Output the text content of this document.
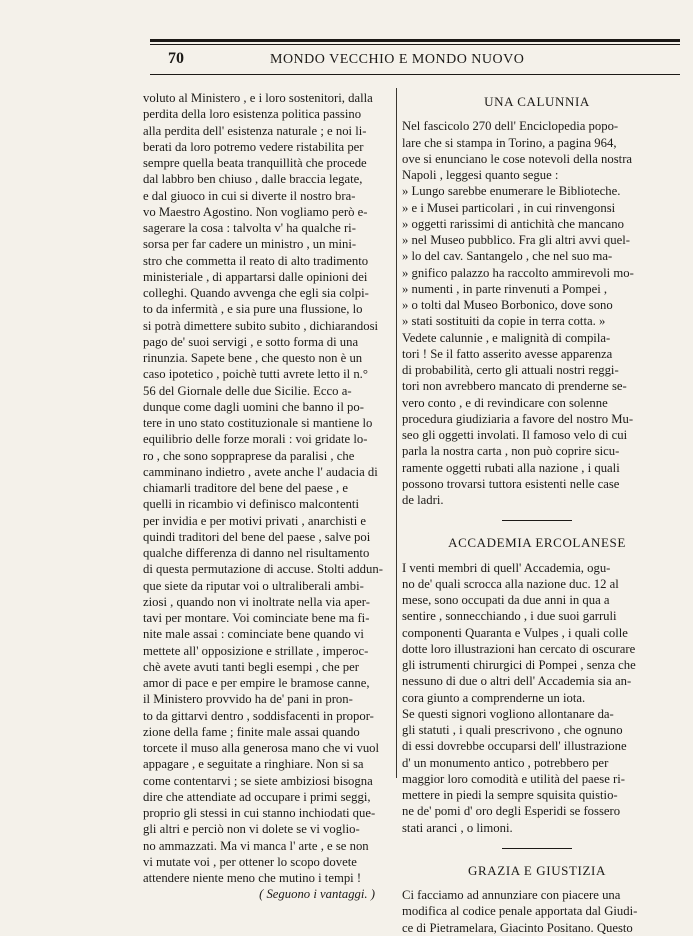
70	MONDO VECCHIO E MONDO NUOVO

voluto al Ministero , e i loro sostenitori, dalla

perdita della loro esistenza politica passino

alla perdita dell' esistenza naturale ; e noi li-

berati da loro potremo vedere ristabilita per

sempre quella beata tranquillità che procede

dal labbro ben chiuso , dalle braccia legate,

e dal giuoco in cui si diverte il nostro bra-

vo Maestro Agostino. Non vogliamo però e-

sagerare la cosa : talvolta v' ha qualche ri-

sorsa per far cadere un ministro , un mini-

stro che commetta il reato di alto tradimento

ministeriale , di appartarsi dalle opinioni dei

colleghi. Quando avvenga che egli sia colpi-

to da infermità , e sia pure una flussione, lo

si potrà dimettere subito subito , dichiarandosi

pago de' suoi servigi , e sotto forma di una

rinunzia. Sapete bene , che questo non è un

caso ipotetico , poichè tutti avrete letto il n.°

56 del Giornale delle due Sicilie. Ecco a-

dunque come dagli uomini che banno il po-

tere in uno stato costituzionale si mantiene lo

equilibrio delle forze morali : voi gridate lo-

ro , che sono soppraprese da paralisi , che

camminano indietro , avete anche l' audacia di

chiamarli traditore del bene del paese , e

quelli in ricambio vi definisco malcontenti

per invidia e per motivi privati , anarchisti e

quindi traditori del bene del paese , salve poi

qualche differenza di danno nel risultamento

di questa permutazione di accuse. Stolti addun-

que siete da riputar voi o ultraliberali ambi-

ziosi , quando non vi inoltrate nella via aper-

tavi per montare. Voi cominciate bene ma fi-

nite male assai : cominciate bene quando vi

mettete all' opposizione e strillate , imperoc-

chè avete avuti tanti begli esempi , che per

amor di pace e per empire le bramose canne,

il Ministero provvido ha de' pani in pron-

to da gittarvi dentro , soddisfacenti in propor-

zione della fame ; finite male assai quando

torcete il muso alla generosa mano che vi vuol

appagare , e seguitate a ringhiare. Non si sa

come contentarvi ; se siete ambiziosi bisogna

dire che attendiate ad occupare i primi seggi,

proprio gli stessi in cui stanno inchiodati que-

gli altri e perciò non vi dolete se vi voglio-

no ammazzati. Ma vi manca l' arte , e se non

vi mutate voi , per ottener lo scopo dovete

attendere niente meno che mutino i tempi !

( Seguono i vantaggi. )

UNA CALUNNIA

Nel fascicolo 270 dell' Enciclopedia popo-

lare che si stampa in Torino, a pagina 964,

ove si enunciano le cose notevoli della nostra

Napoli , leggesi quanto segue :

» Lungo sarebbe enumerare le Biblioteche.

» e i Musei particolari , in cui rinvengonsi

» oggetti rarissimi di antichità che mancano

» nel Museo pubblico. Fra gli altri avvi quel-

» lo del cav. Santangelo , che nel suo ma-

» gnifico palazzo ha raccolto ammirevoli mo-

» numenti , in parte rinvenuti a Pompei ,

» o tolti dal Museo Borbonico, dove sono

» stati sostituiti da copie in terra cotta. »

Vedete calunnie , e malignità di compila-

tori ! Se il fatto asserito avesse apparenza

di probabilità, certo gli attuali nostri reggi-

tori non avrebbero mancato di prenderne se-

vero conto , e di revindicare con solenne

procedura giudiziaria a favore del nostro Mu-

seo gli oggetti involati. Il famoso velo di cui

parla la nostra carta , non può coprire sicu-

ramente oggetti rubati alla nazione , i quali

possono trovarsi tuttora esistenti nelle case

de ladri.

ACCADEMIA ERCOLANESE

I venti membri di quell' Accademia, ogu-

no de' quali scrocca alla nazione duc. 12 al

mese, sono occupati da due anni in qua a

sentire , sonnecchiando , i due suoi garruli

componenti Quaranta e Vulpes , i quali colle

dotte loro illustrazioni han cercato di oscurare

gli istrumenti chirurgici di Pompei , senza che

nessuno di due o altri dell' Accademia sia an-

cora giunto a comprenderne un iota.

Se questi signori vogliono allontanare da-

gli statuti , i quali prescrivono , che ognuno

di essi dovrebbe occuparsi dell' illustrazione

d' un monumento antico , potrebbero per

maggior loro comodità e utilità del paese ri-

mettere in piedi la sempre squisita quistio-

ne de' pomi d' oro degli Esperidi se fossero

stati aranci , o limoni.

GRAZIA E GIUSTIZIA

Ci facciamo ad annunziare con piacere una

modifica al codice penale apportata dal Giudi-

ce di Pietramelara, Giacinto Positano. Questo
